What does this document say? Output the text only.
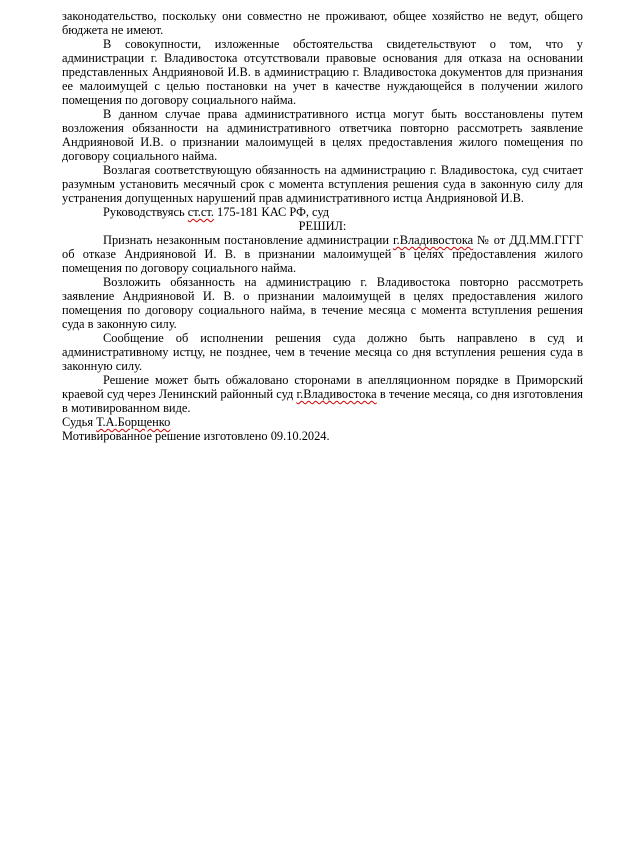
законодательство, поскольку они совместно не проживают, общее хозяйство не ведут, общего бюджета не имеют.

В совокупности, изложенные обстоятельства свидетельствуют о том, что у администрации г. Владивостока отсутствовали правовые основания для отказа на основании представленных Андрияновой И.В. в администрацию г. Владивостока документов для признания ее малоимущей с целью постановки на учет в качестве нуждающейся в получении жилого помещения по договору социального найма.

В данном случае права административного истца могут быть восстановлены путем возложения обязанности на административного ответчика повторно рассмотреть заявление Андрияновой И.В. о признании малоимущей в целях предоставления жилого помещения по договору социального найма.

Возлагая соответствующую обязанность на администрацию г. Владивостока, суд считает разумным установить месячный срок с момента вступления решения суда в законную силу для устранения допущенных нарушений прав административного истца Андрияновой И.В.

Руководствуясь ст.ст. 175-181 КАС РФ, суд

РЕШИЛ:

Признать незаконным постановление администрации г.Владивостока № от ДД.ММ.ГГГГ об отказе Андрияновой И. В. в признании малоимущей в целях предоставления жилого помещения по договору социального найма.

Возложить обязанность на администрацию г. Владивостока повторно рассмотреть заявление Андрияновой И. В. о признании малоимущей в целях предоставления жилого помещения по договору социального найма, в течение месяца с момента вступления решения суда в законную силу.

Сообщение об исполнении решения суда должно быть направлено в суд и административному истцу, не позднее, чем в течение месяца со дня вступления решения суда в законную силу.

Решение может быть обжаловано сторонами в апелляционном порядке в Приморский краевой суд через Ленинский районный суд г.Владивостока в течение месяца, со дня изготовления в мотивированном виде.

Судья Т.А.Борщенко

Мотивированное решение изготовлено 09.10.2024.
